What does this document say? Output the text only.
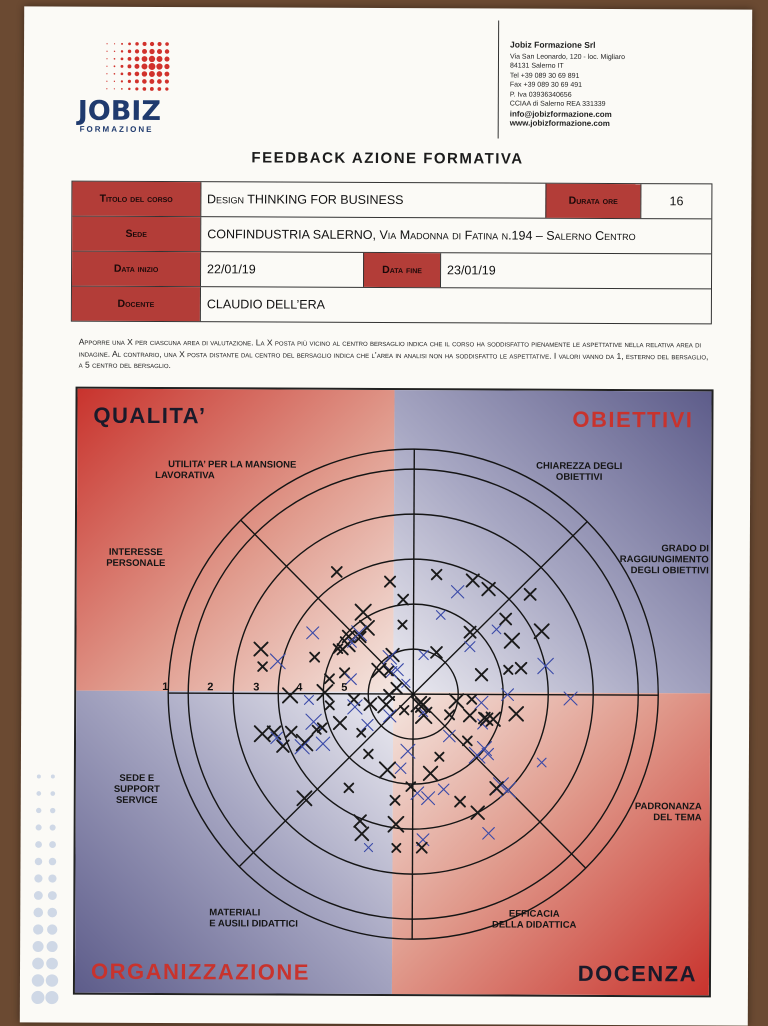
JOBIZ
FORMAZIONE
Jobiz Formazione Srl
Via San Leonardo, 120 - loc. Migliaro
84131 Salerno IT
Tel +39 089 30 69 891
Fax +39 089 30 69 491
P. Iva 03936340656
CCIAA di Salerno REA 331339
info@jobizformazione.com
www.jobizformazione.com
FEEDBACK AZIONE FORMATIVA
Titolo del corso	Design THINKING FOR BUSINESS	Durata ore	16
Sede	CONFINDUSTRIA SALERNO, Via Madonna di Fatina n.194 – Salerno Centro
Data inizio	22/01/19	Data fine	23/01/19
Docente	CLAUDIO DELL’ERA
Apporre una X per ciascuna area di valutazione. La X posta più vicino al centro bersaglio indica che il corso ha soddisfatto pienamente le aspettative nella relativa area di indagine. Al contrario, una X posta distante dal centro del bersaglio indica che l’area in analisi non ha soddisfatto le aspettative. I valori vanno da 1, esterno del bersaglio, a 5 centro del bersaglio.
QUALITA’	OBIETTIVI
ORGANIZZAZIONE	DOCENZA
UTILITA’ PER LA MANSIONE
LAVORATIVA
INTERESSE
PERSONALE
CHIAREZZA DEGLI
OBIETTIVI
GRADO DI
RAGGIUNGIMENTO
DEGLI OBIETTIVI
SEDE E
SUPPORT
SERVICE
MATERIALI
E AUSILI DIDATTICI
EFFICACIA
DELLA DIDATTICA
PADRONANZA
DEL TEMA
1	2	3	4	5
